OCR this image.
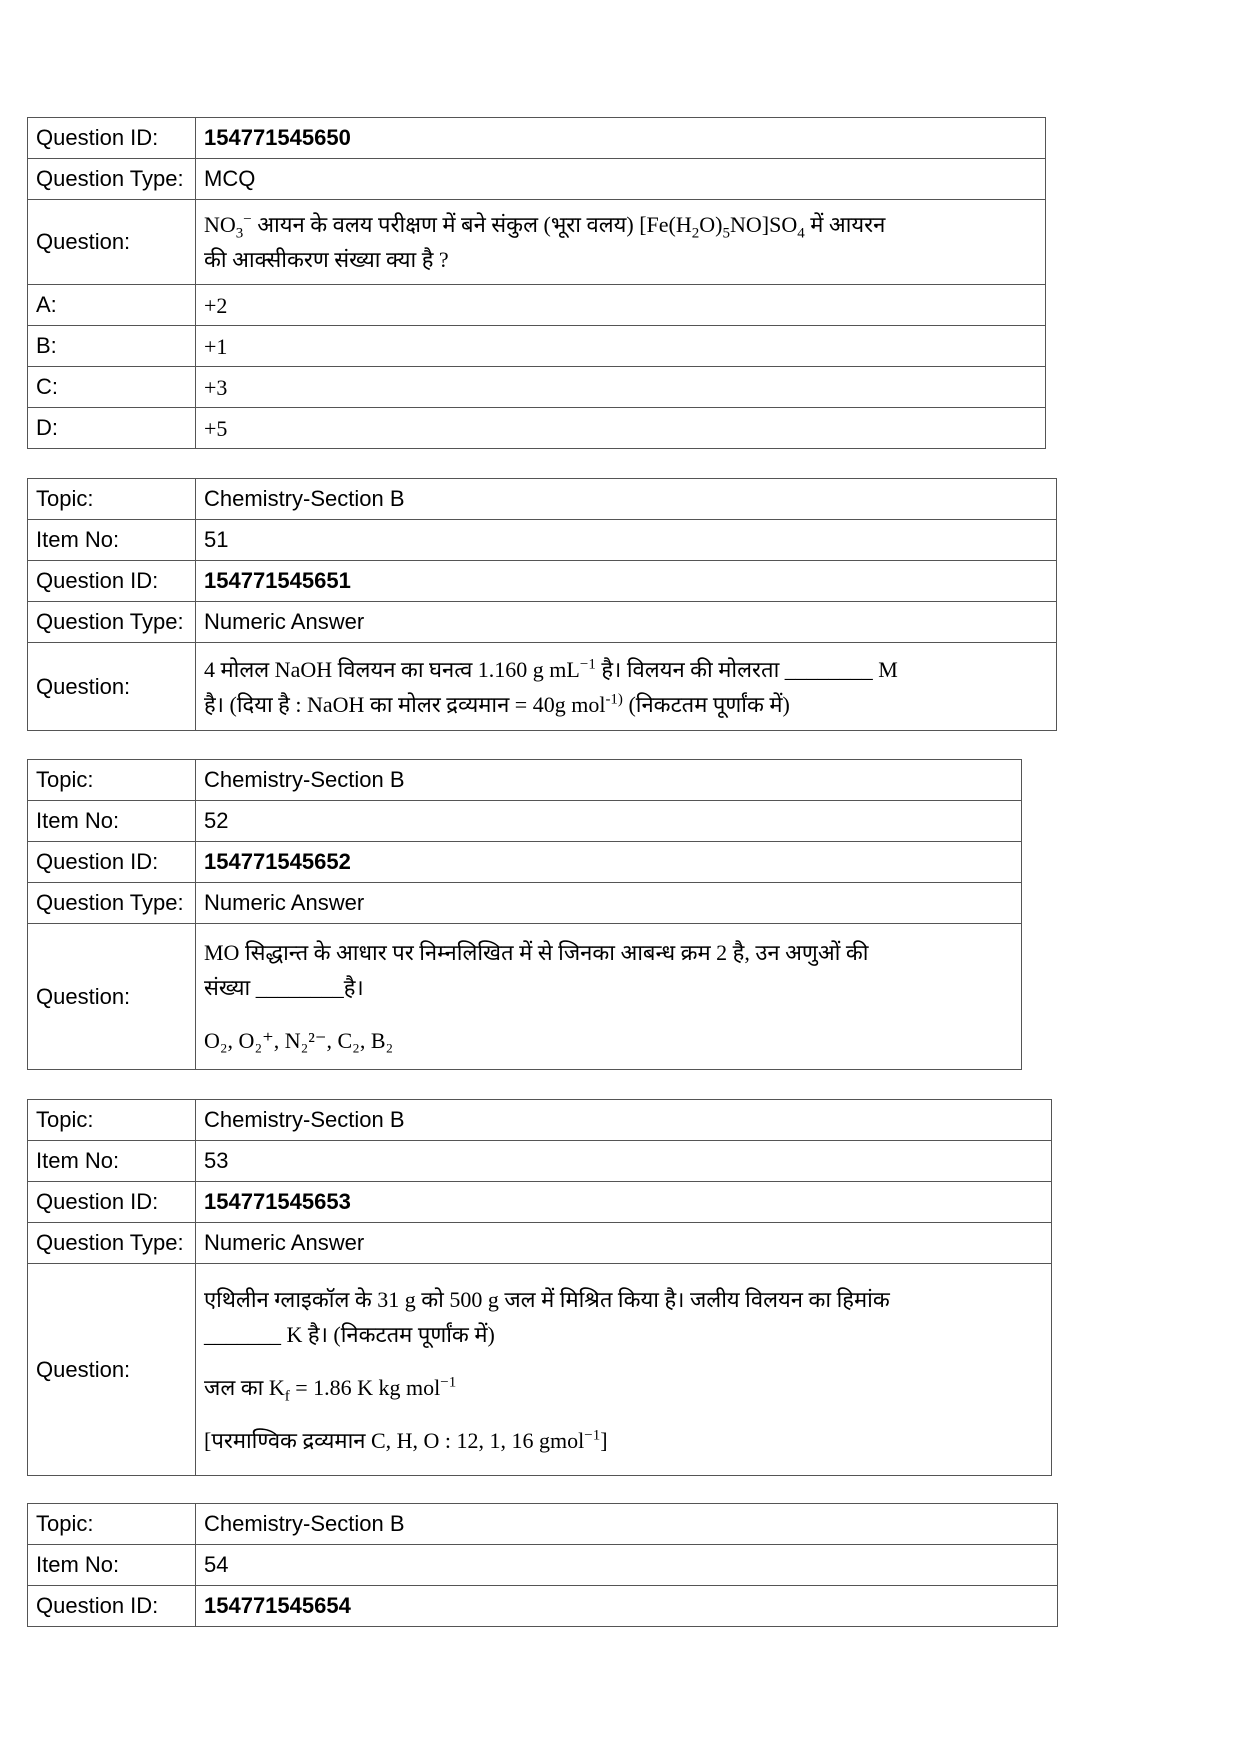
Question ID:	154771545650
Question Type:	MCQ
Question:	$NO_3^-$ आयन के वलय परीक्षण में बने संकुल (भूरा वलय) $[Fe(H_2O)_5NO]SO_4$ में आयरन

की आक्सीकरण संख्या क्या है ?

A:	+2
B:	+1
C:	+3
D:	+5
Topic:	Chemistry-Section B
Item No:	51
Question ID:	154771545651
Question Type:	Numeric Answer
Question:	4 मोलल NaOH विलयन का घनत्व 1.160 g $mL^{-1}$ है। विलयन की मोलरता ________ M

है। (दिया है : NaOH का मोलर द्रव्यमान = 40g mol$^{-1)}$ (निकटतम पूर्णांक में)

Topic:	Chemistry-Section B
Item No:	52
Question ID:	154771545652
Question Type:	Numeric Answer
Question:	MO सिद्धान्त के आधार पर निम्नलिखित में से जिनका आबन्ध क्रम 2 है, उन अणुओं की

संख्या ________है।

O₂, O₂⁺, N₂²⁻, C₂, B₂

Topic:	Chemistry-Section B
Item No:	53
Question ID:	154771545653
Question Type:	Numeric Answer
Question:	एथिलीन ग्लाइकॉल के 31 g को 500 g जल में मिश्रित किया है। जलीय विलयन का हिमांक

_______ K है। (निकटतम पूर्णांक में)

जल का $K_f = 1.86$ K kg mol$^{-1}$

[परमाण्विक द्रव्यमान C, H, O : 12, 1, 16 gmol$^{-1}$]

Topic:	Chemistry-Section B
Item No:	54
Question ID:	154771545654
